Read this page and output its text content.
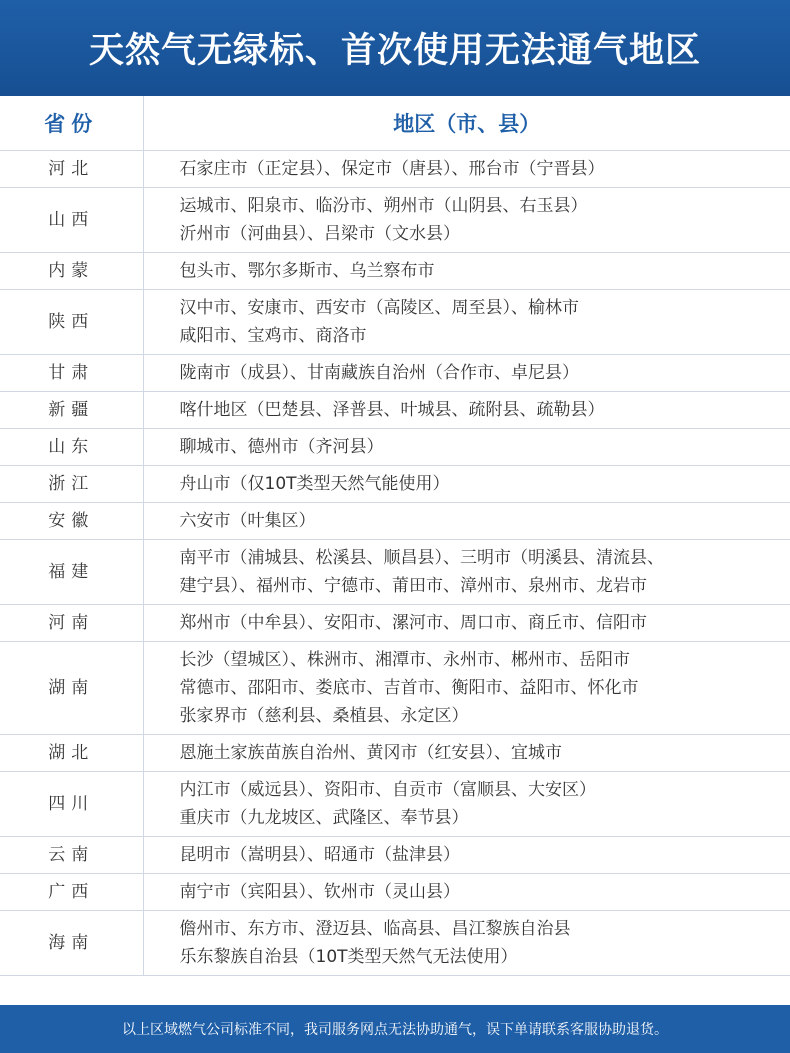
天然气无绿标、首次使用无法通气地区
省份	地区（市、县）
河北	石家庄市（正定县）、保定市（唐县）、邢台市（宁晋县）

山西	运城市、阳泉市、临汾市、朔州市（山阴县、右玉县）
沂州市（河曲县）、吕梁市（文水县）

内蒙	包头市、鄂尔多斯市、乌兰察布市

陕西	汉中市、安康市、西安市（高陵区、周至县）、榆林市
咸阳市、宝鸡市、商洛市

甘肃	陇南市（成县）、甘南藏族自治州（合作市、卓尼县）

新疆	喀什地区（巴楚县、泽普县、叶城县、疏附县、疏勒县）

山东	聊城市、德州市（齐河县）

浙江	舟山市（仅10T类型天然气能使用）

安徽	六安市（叶集区）

福建	南平市（浦城县、松溪县、顺昌县）、三明市（明溪县、清流县、
建宁县）、福州市、宁德市、莆田市、漳州市、泉州市、龙岩市

河南	郑州市（中牟县）、安阳市、漯河市、周口市、商丘市、信阳市

湖南	长沙（望城区）、株洲市、湘潭市、永州市、郴州市、岳阳市
常德市、邵阳市、娄底市、吉首市、衡阳市、益阳市、怀化市
张家界市（慈利县、桑植县、永定区）

湖北	恩施土家族苗族自治州、黄冈市（红安县）、宜城市

四川	内江市（威远县）、资阳市、自贡市（富顺县、大安区）
重庆市（九龙坡区、武隆区、奉节县）

云南	昆明市（嵩明县）、昭通市（盐津县）

广西	南宁市（宾阳县）、钦州市（灵山县）

海南	儋州市、东方市、澄迈县、临高县、昌江黎族自治县
乐东黎族自治县（10T类型天然气无法使用）
以上区域燃气公司标准不同，我司服务网点无法协助通气，误下单请联系客服协助退货。
